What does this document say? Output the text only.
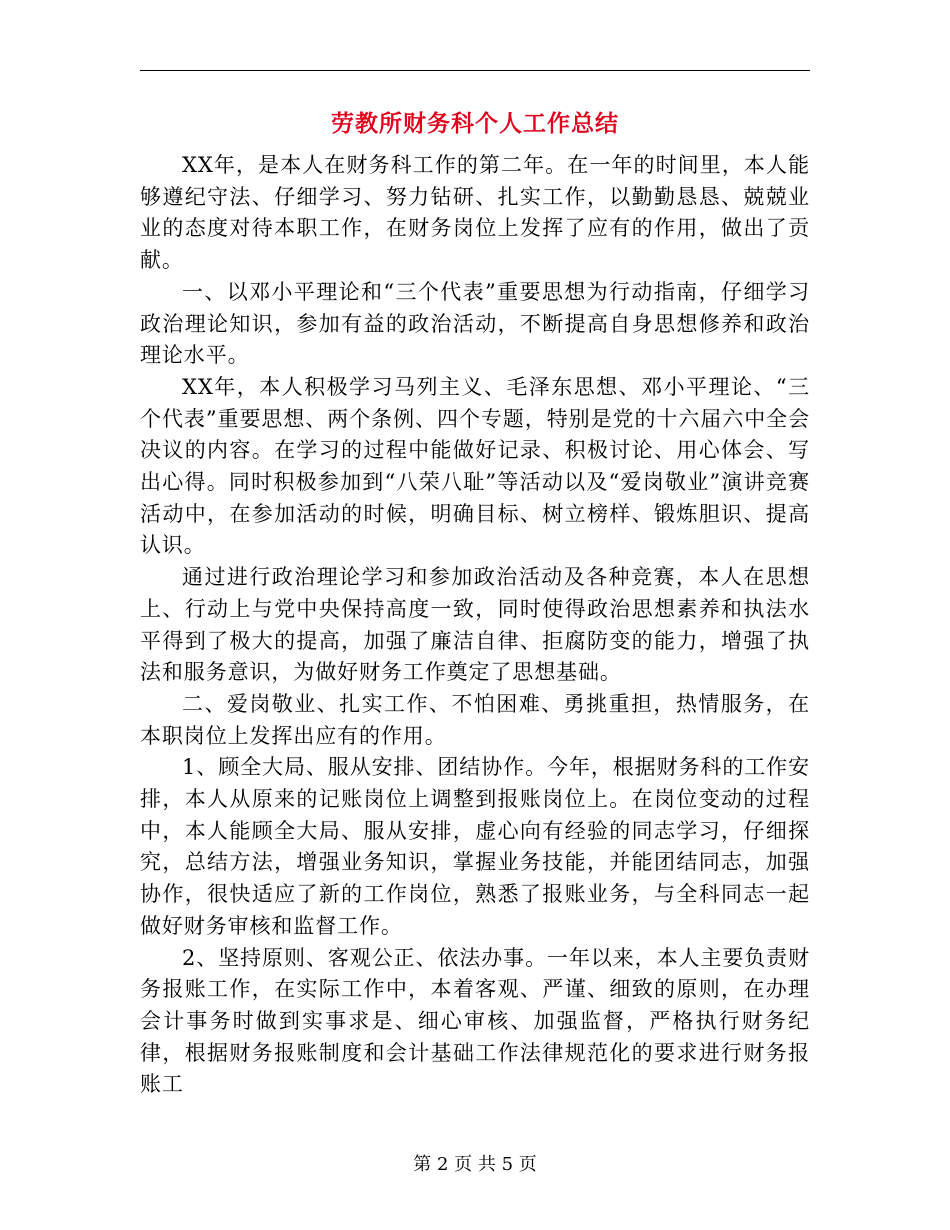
劳教所财务科个人工作总结

XX年，是本人在财务科工作的第二年。在一年的时间里，本人能够遵纪守法、仔细学习、努力钻研、扎实工作，以勤勤恳恳、兢兢业业的态度对待本职工作，在财务岗位上发挥了应有的作用，做出了贡献。

一、以邓小平理论和“三个代表”重要思想为行动指南，仔细学习政治理论知识，参加有益的政治活动，不断提高自身思想修养和政治理论水平。

XX年，本人积极学习马列主义、毛泽东思想、邓小平理论、“三个代表”重要思想、两个条例、四个专题，特别是党的十六届六中全会决议的内容。在学习的过程中能做好记录、积极讨论、用心体会、写出心得。同时积极参加到“八荣八耻”等活动以及“爱岗敬业”演讲竞赛活动中，在参加活动的时候，明确目标、树立榜样、锻炼胆识、提高认识。

通过进行政治理论学习和参加政治活动及各种竞赛，本人在思想上、行动上与党中央保持高度一致，同时使得政治思想素养和执法水平得到了极大的提高，加强了廉洁自律、拒腐防变的能力，增强了执法和服务意识，为做好财务工作奠定了思想基础。

二、爱岗敬业、扎实工作、不怕困难、勇挑重担，热情服务，在本职岗位上发挥出应有的作用。

1、顾全大局、服从安排、团结协作。今年，根据财务科的工作安排，本人从原来的记账岗位上调整到报账岗位上。在岗位变动的过程中，本人能顾全大局、服从安排，虚心向有经验的同志学习，仔细探究，总结方法，增强业务知识，掌握业务技能，并能团结同志，加强协作，很快适应了新的工作岗位，熟悉了报账业务，与全科同志一起做好财务审核和监督工作。

2、坚持原则、客观公正、依法办事。一年以来，本人主要负责财务报账工作，在实际工作中，本着客观、严谨、细致的原则，在办理会计事务时做到实事求是、细心审核、加强监督，严格执行财务纪律，根据财务报账制度和会计基础工作法律规范化的要求进行财务报账工

第 2 页 共 5 页
